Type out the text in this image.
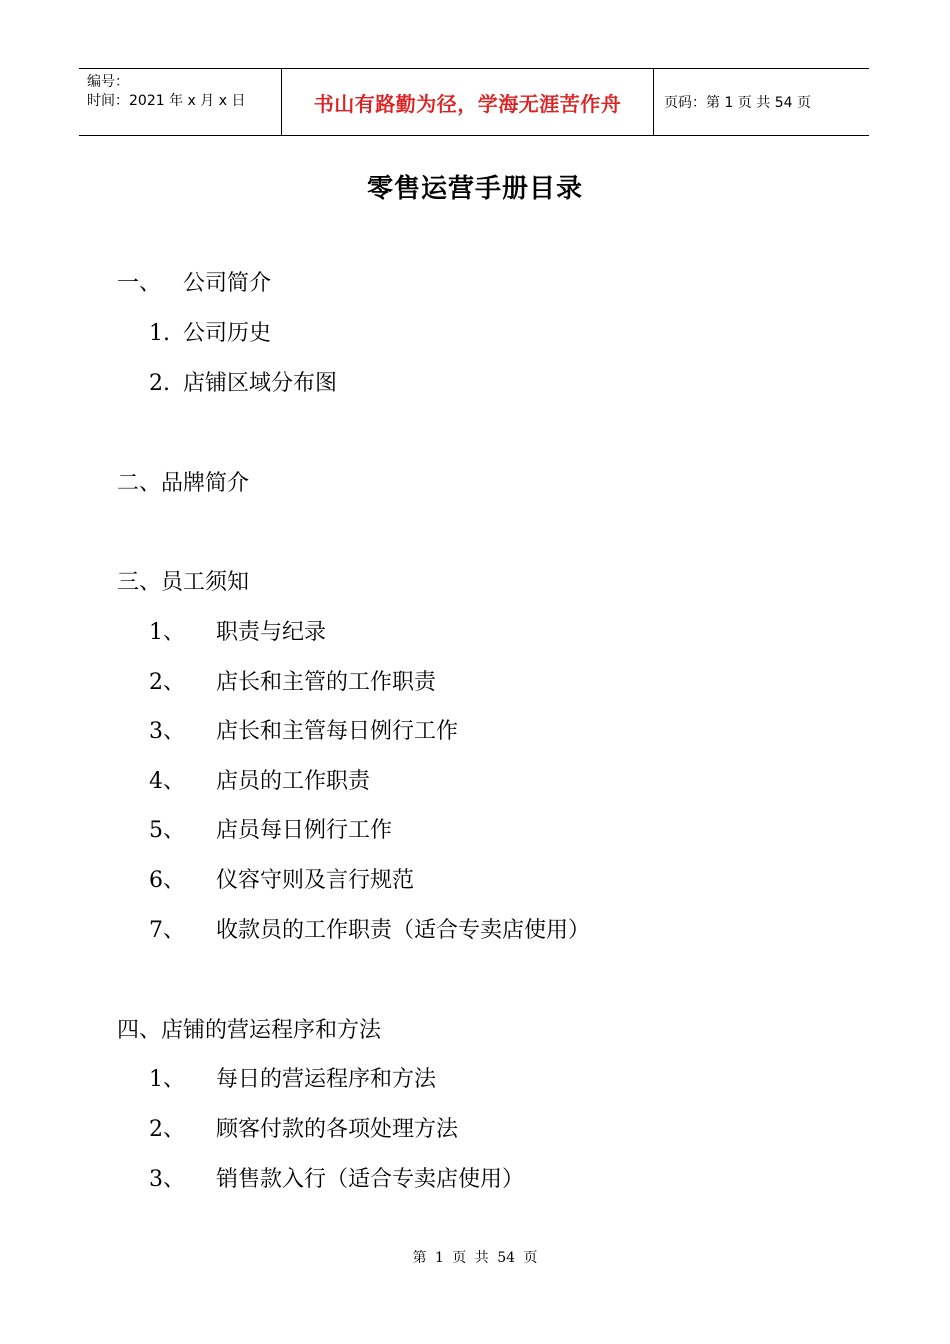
编号：
时间：2021 年 x 月 x 日	书山有路勤为径，学海无涯苦作舟	页码：第 1 页 共 54 页
零售运营手册目录
一、 公司简介
1. 公司历史
2. 店铺区域分布图
二、品牌简介
三、员工须知
1、 职责与纪录
2、 店长和主管的工作职责
3、 店长和主管每日例行工作
4、 店员的工作职责
5、 店员每日例行工作
6、 仪容守则及言行规范
7、 收款员的工作职责（适合专卖店使用）
四、店铺的营运程序和方法
1、 每日的营运程序和方法
2、 顾客付款的各项处理方法
3、 销售款入行（适合专卖店使用）
第 1 页 共 54 页
